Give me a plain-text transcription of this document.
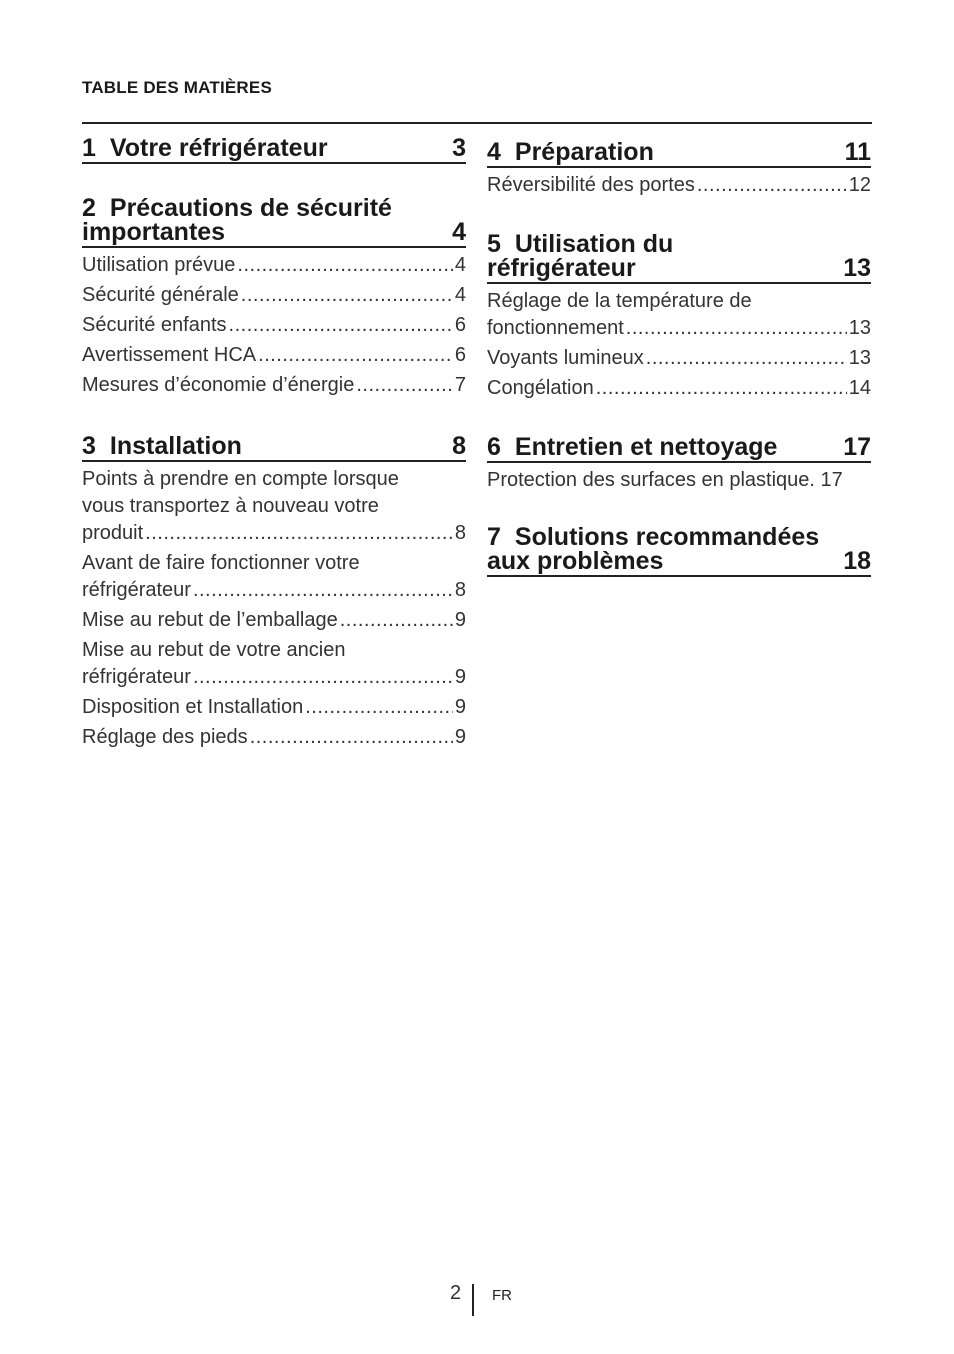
TABLE DES MATIÈRES
1 Votre réfrigérateur	3
2 Précautions de sécurité
importantes	4
Utilisation prévue .....	4
Sécurité générale .....	4
Sécurité enfants .....	6
Avertissement HCA .....	6
Mesures d’économie d’énergie .....	7
3 Installation	8
Points à prendre en compte lorsque
vous transportez à nouveau votre
produit .....	8
Avant de faire fonctionner votre
réfrigérateur .....	8
Mise au rebut de l’emballage .....	9
Mise au rebut de votre ancien
réfrigérateur .....	9
Disposition et Installation .....	9
Réglage des pieds .....	9
4 Préparation	11
Réversibilité des portes .....	12
5 Utilisation du
réfrigérateur	13
Réglage de la température de
fonctionnement .....	13
Voyants lumineux .....	13
Congélation .....	14
6 Entretien et nettoyage	17
Protection des surfaces en plastique. 17
7 Solutions recommandées
aux problèmes	18
2 FR
